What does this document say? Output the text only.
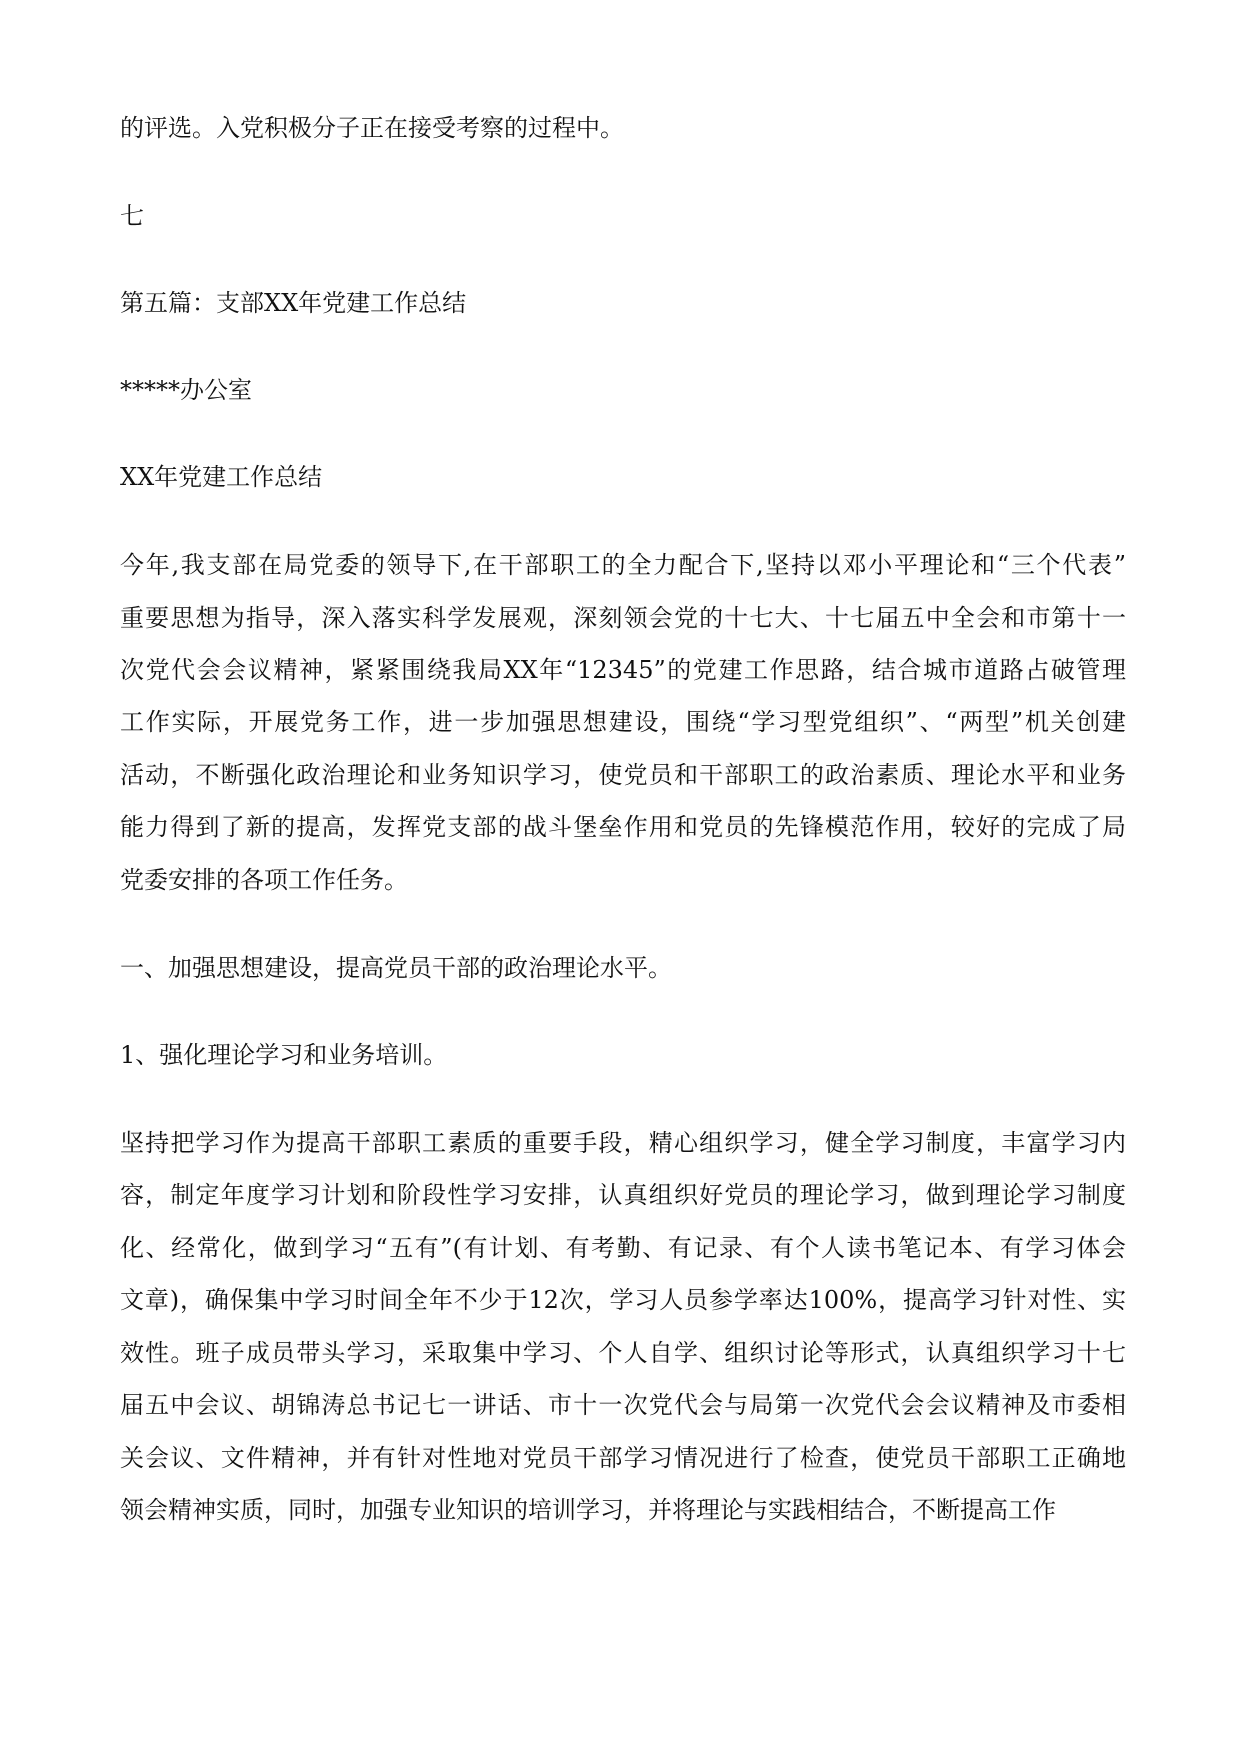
的评选。入党积极分子正在接受考察的过程中。

七

第五篇：支部XX年党建工作总结

*****办公室

XX年党建工作总结

今年,我支部在局党委的领导下,在干部职工的全力配合下,坚持以邓小平理论和“三个代表”

重要思想为指导，深入落实科学发展观，深刻领会党的十七大、十七届五中全会和市第十一

次党代会会议精神，紧紧围绕我局XX年“12345”的党建工作思路，结合城市道路占破管理

工作实际，开展党务工作，进一步加强思想建设，围绕“学习型党组织”、“两型”机关创建

活动，不断强化政治理论和业务知识学习，使党员和干部职工的政治素质、理论水平和业务

能力得到了新的提高，发挥党支部的战斗堡垒作用和党员的先锋模范作用，较好的完成了局

党委安排的各项工作任务。

一、加强思想建设，提高党员干部的政治理论水平。

1、强化理论学习和业务培训。

坚持把学习作为提高干部职工素质的重要手段，精心组织学习，健全学习制度，丰富学习内

容，制定年度学习计划和阶段性学习安排，认真组织好党员的理论学习，做到理论学习制度

化、经常化，做到学习“五有”(有计划、有考勤、有记录、有个人读书笔记本、有学习体会

文章)，确保集中学习时间全年不少于12次，学习人员参学率达100%，提高学习针对性、实

效性。班子成员带头学习，采取集中学习、个人自学、组织讨论等形式，认真组织学习十七

届五中会议、胡锦涛总书记七一讲话、市十一次党代会与局第一次党代会会议精神及市委相

关会议、文件精神，并有针对性地对党员干部学习情况进行了检查，使党员干部职工正确地

领会精神实质，同时，加强专业知识的培训学习，并将理论与实践相结合，不断提高工作
